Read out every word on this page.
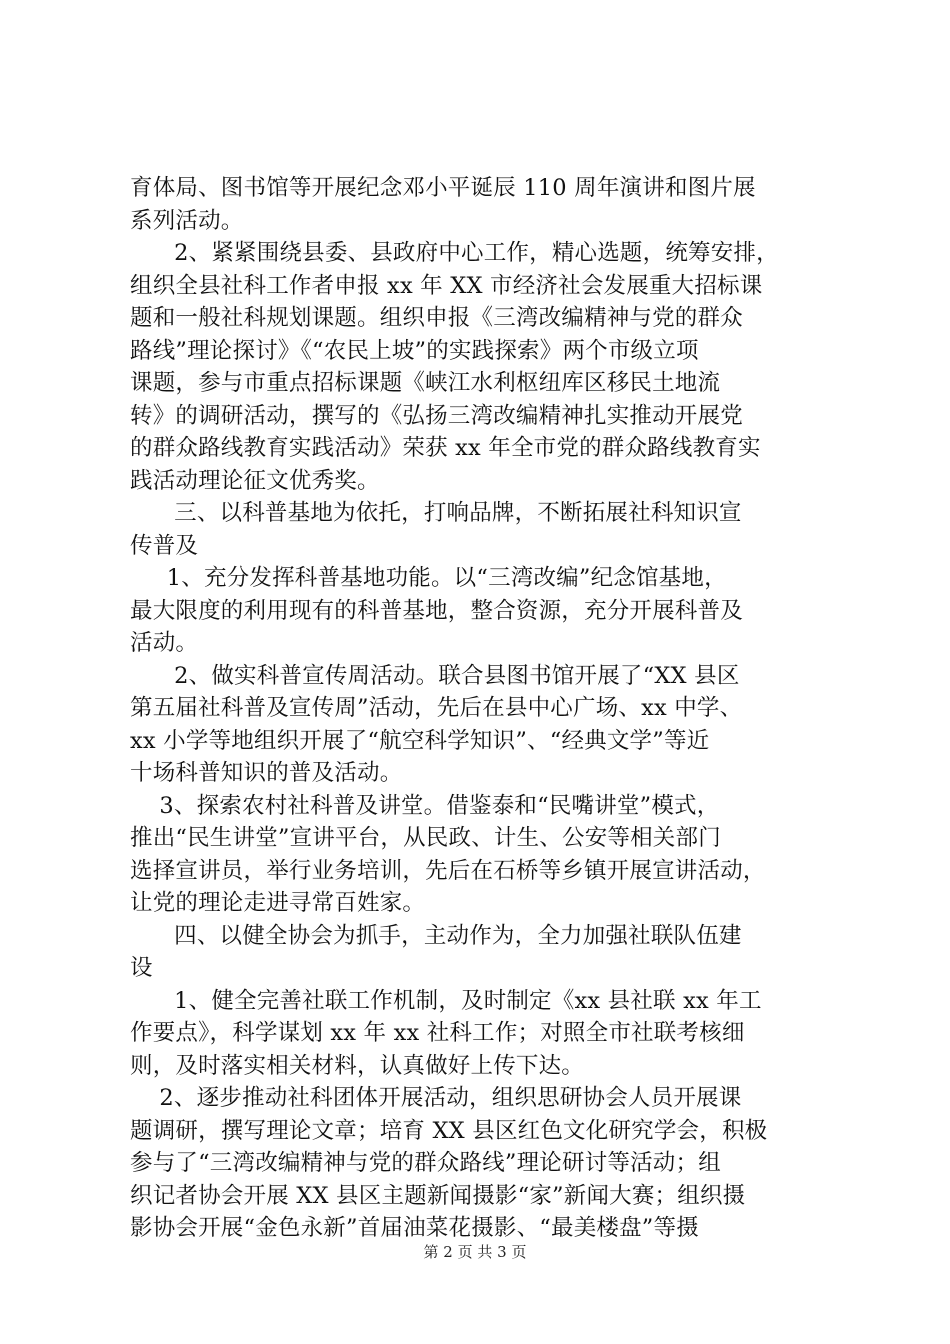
育体局、图书馆等开展纪念邓小平诞辰 110 周年演讲和图片展
系列活动。
2、紧紧围绕县委、县政府中心工作，精心选题，统筹安排，
组织全县社科工作者申报 xx 年 XX 市经济社会发展重大招标课
题和一般社科规划课题。组织申报《三湾改编精神与党的群众
路线”理论探讨》《“农民上坡”的实践探索》两个市级立项
课题，参与市重点招标课题《峡江水利枢纽库区移民土地流
转》的调研活动，撰写的《弘扬三湾改编精神扎实推动开展党
的群众路线教育实践活动》荣获 xx 年全市党的群众路线教育实
践活动理论征文优秀奖。
三、以科普基地为依托，打响品牌，不断拓展社科知识宣
传普及
1、充分发挥科普基地功能。以“三湾改编”纪念馆基地，
最大限度的利用现有的科普基地，整合资源，充分开展科普及
活动。
2、做实科普宣传周活动。联合县图书馆开展了“XX 县区
第五届社科普及宣传周”活动，先后在县中心广场、xx 中学、
xx 小学等地组织开展了“航空科学知识”、“经典文学”等近
十场科普知识的普及活动。
3、探索农村社科普及讲堂。借鉴泰和“民嘴讲堂”模式，
推出“民生讲堂”宣讲平台，从民政、计生、公安等相关部门
选择宣讲员，举行业务培训，先后在石桥等乡镇开展宣讲活动，
让党的理论走进寻常百姓家。
四、以健全协会为抓手，主动作为，全力加强社联队伍建
设
1、健全完善社联工作机制，及时制定《xx 县社联 xx 年工
作要点》，科学谋划 xx 年 xx 社科工作；对照全市社联考核细
则，及时落实相关材料，认真做好上传下达。
2、逐步推动社科团体开展活动，组织思研协会人员开展课
题调研，撰写理论文章；培育 XX 县区红色文化研究学会，积极
参与了“三湾改编精神与党的群众路线”理论研讨等活动；组
织记者协会开展 XX 县区主题新闻摄影“家”新闻大赛；组织摄
影协会开展“金色永新”首届油菜花摄影、“最美楼盘”等摄
第 2 页 共 3 页
